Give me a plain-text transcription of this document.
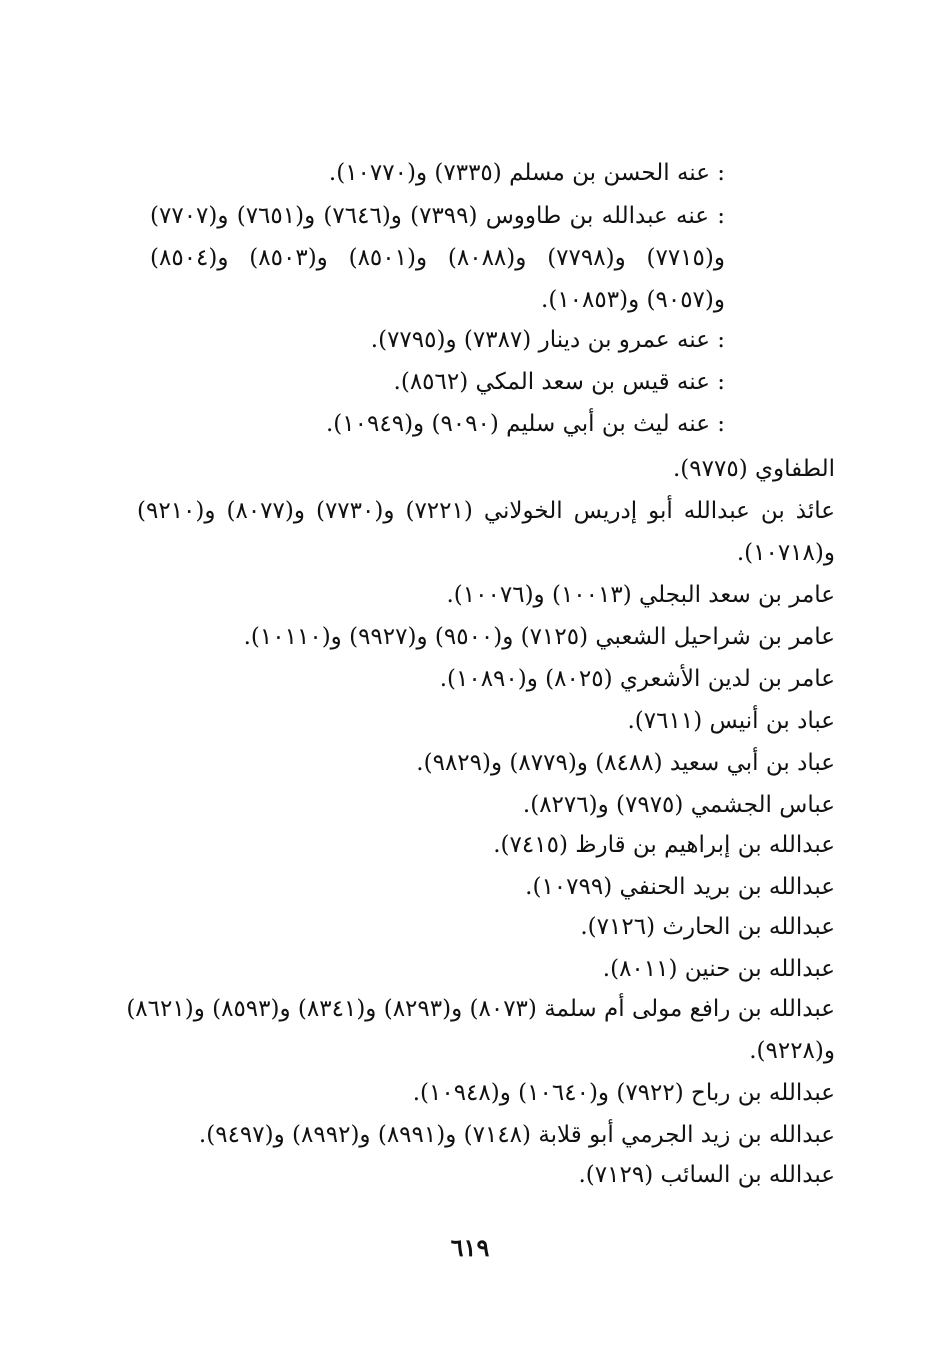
: عنه الحسن بن مسلم (٧٣٣٥) و(١٠٧٧٠).
: عنه عبدالله بن طاووس (٧٣٩٩) و(٧٦٤٦) و(٧٦٥١) و(٧٧٠٧)
و(٧٧١٥) و(٧٧٩٨) و(٨٠٨٨) و(٨٥٠١) و(٨٥٠٣) و(٨٥٠٤)
و(٩٠٥٧) و(١٠٨٥٣).
: عنه عمرو بن دينار (٧٣٨٧) و(٧٧٩٥).
: عنه قيس بن سعد المكي (٨٥٦٢).
: عنه ليث بن أبي سليم (٩٠٩٠) و(١٠٩٤٩).
الطفاوي (٩٧٧٥).
عائذ بن عبدالله أبو إدريس الخولاني (٧٢٢١) و(٧٧٣٠) و(٨٠٧٧) و(٩٢١٠)
و(١٠٧١٨).
عامر بن سعد البجلي (١٠٠١٣) و(١٠٠٧٦).
عامر بن شراحيل الشعبي (٧١٢٥) و(٩٥٠٠) و(٩٩٢٧) و(١٠١١٠).
عامر بن لدين الأشعري (٨٠٢٥) و(١٠٨٩٠).
عباد بن أنيس (٧٦١١).
عباد بن أبي سعيد (٨٤٨٨) و(٨٧٧٩) و(٩٨٢٩).
عباس الجشمي (٧٩٧٥) و(٨٢٧٦).
عبدالله بن إبراهيم بن قارظ (٧٤١٥).
عبدالله بن بريد الحنفي (١٠٧٩٩).
عبدالله بن الحارث (٧١٢٦).
عبدالله بن حنين (٨٠١١).
عبدالله بن رافع مولى أم سلمة (٨٠٧٣) و(٨٢٩٣) و(٨٣٤١) و(٨٥٩٣) و(٨٦٢١)
و(٩٢٢٨).
عبدالله بن رباح (٧٩٢٢) و(١٠٦٤٠) و(١٠٩٤٨).
عبدالله بن زيد الجرمي أبو قلابة (٧١٤٨) و(٨٩٩١) و(٨٩٩٢) و(٩٤٩٧).
عبدالله بن السائب (٧١٢٩).
٦١٩
